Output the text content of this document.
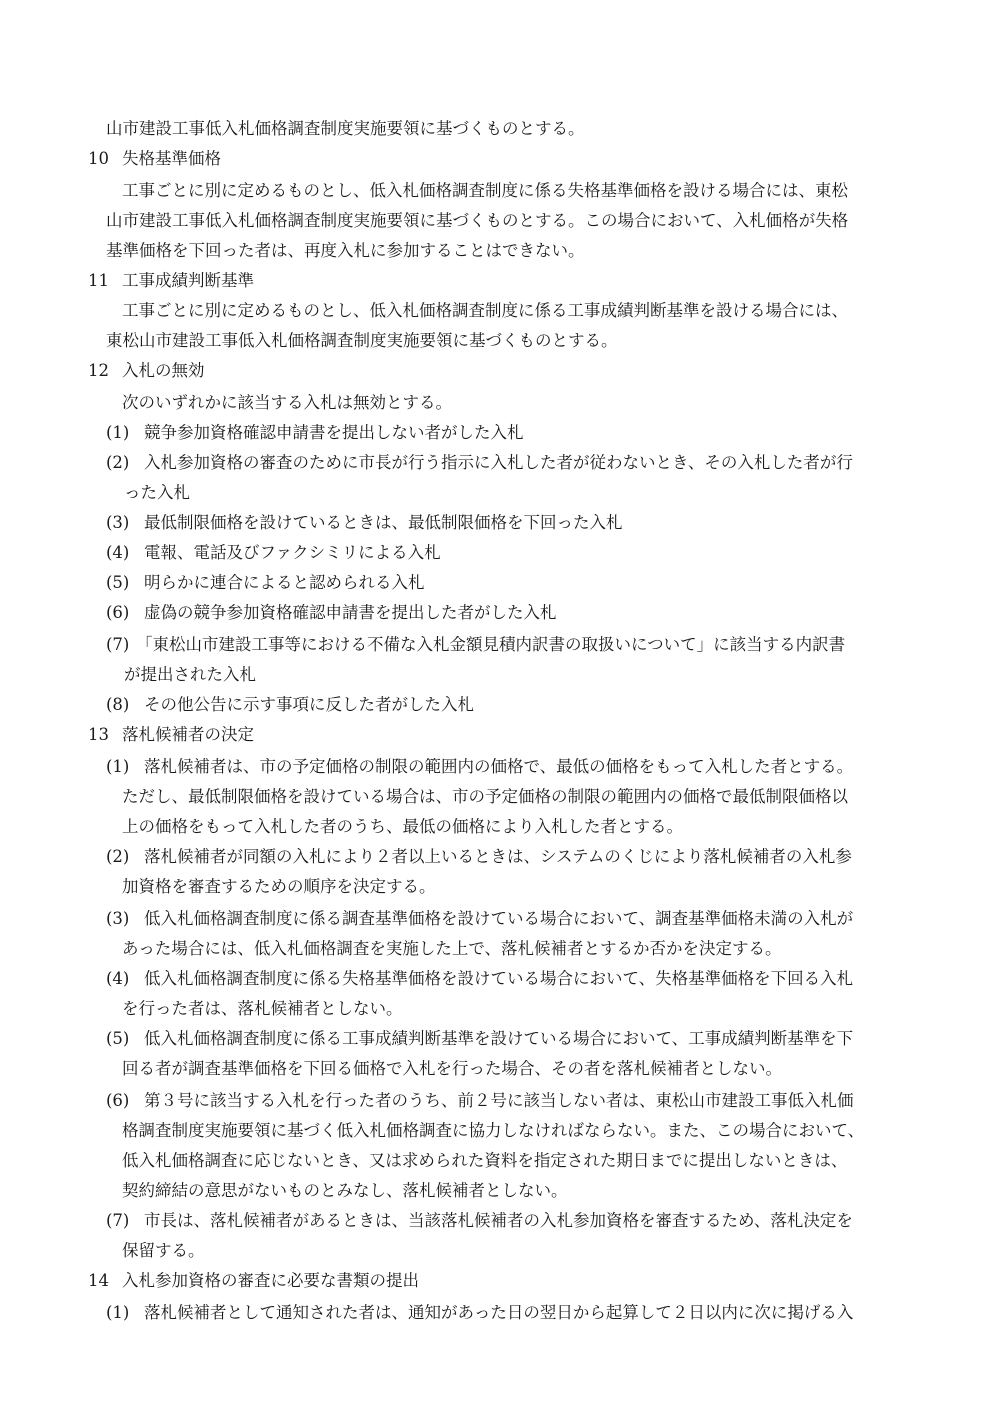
山市建設工事低入札価格調査制度実施要領に基づくものとする。
10 失格基準価格
工事ごとに別に定めるものとし、低入札価格調査制度に係る失格基準価格を設ける場合には、東松
山市建設工事低入札価格調査制度実施要領に基づくものとする。この場合において、入札価格が失格
基準価格を下回った者は、再度入札に参加することはできない。
11 工事成績判断基準
工事ごとに別に定めるものとし、低入札価格調査制度に係る工事成績判断基準を設ける場合には、
東松山市建設工事低入札価格調査制度実施要領に基づくものとする。
12 入札の無効
次のいずれかに該当する入札は無効とする。
(1) 競争参加資格確認申請書を提出しない者がした入札
(2) 入札参加資格の審査のために市長が行う指示に入札した者が従わないとき、その入札した者が行
った入札
(3) 最低制限価格を設けているときは、最低制限価格を下回った入札
(4) 電報、電話及びファクシミリによる入札
(5) 明らかに連合によると認められる入札
(6) 虚偽の競争参加資格確認申請書を提出した者がした入札
(7) 「東松山市建設工事等における不備な入札金額見積内訳書の取扱いについて」に該当する内訳書
が提出された入札
(8) その他公告に示す事項に反した者がした入札
13 落札候補者の決定
(1) 落札候補者は、市の予定価格の制限の範囲内の価格で、最低の価格をもって入札した者とする。
ただし、最低制限価格を設けている場合は、市の予定価格の制限の範囲内の価格で最低制限価格以
上の価格をもって入札した者のうち、最低の価格により入札した者とする。
(2) 落札候補者が同額の入札により２者以上いるときは、システムのくじにより落札候補者の入札参
加資格を審査するための順序を決定する。
(3) 低入札価格調査制度に係る調査基準価格を設けている場合において、調査基準価格未満の入札が
あった場合には、低入札価格調査を実施した上で、落札候補者とするか否かを決定する。
(4) 低入札価格調査制度に係る失格基準価格を設けている場合において、失格基準価格を下回る入札
を行った者は、落札候補者としない。
(5) 低入札価格調査制度に係る工事成績判断基準を設けている場合において、工事成績判断基準を下
回る者が調査基準価格を下回る価格で入札を行った場合、その者を落札候補者としない。
(6) 第３号に該当する入札を行った者のうち、前２号に該当しない者は、東松山市建設工事低入札価
格調査制度実施要領に基づく低入札価格調査に協力しなければならない。また、この場合において、
低入札価格調査に応じないとき、又は求められた資料を指定された期日までに提出しないときは、
契約締結の意思がないものとみなし、落札候補者としない。
(7) 市長は、落札候補者があるときは、当該落札候補者の入札参加資格を審査するため、落札決定を
保留する。
14 入札参加資格の審査に必要な書類の提出
(1) 落札候補者として通知された者は、通知があった日の翌日から起算して２日以内に次に掲げる入
